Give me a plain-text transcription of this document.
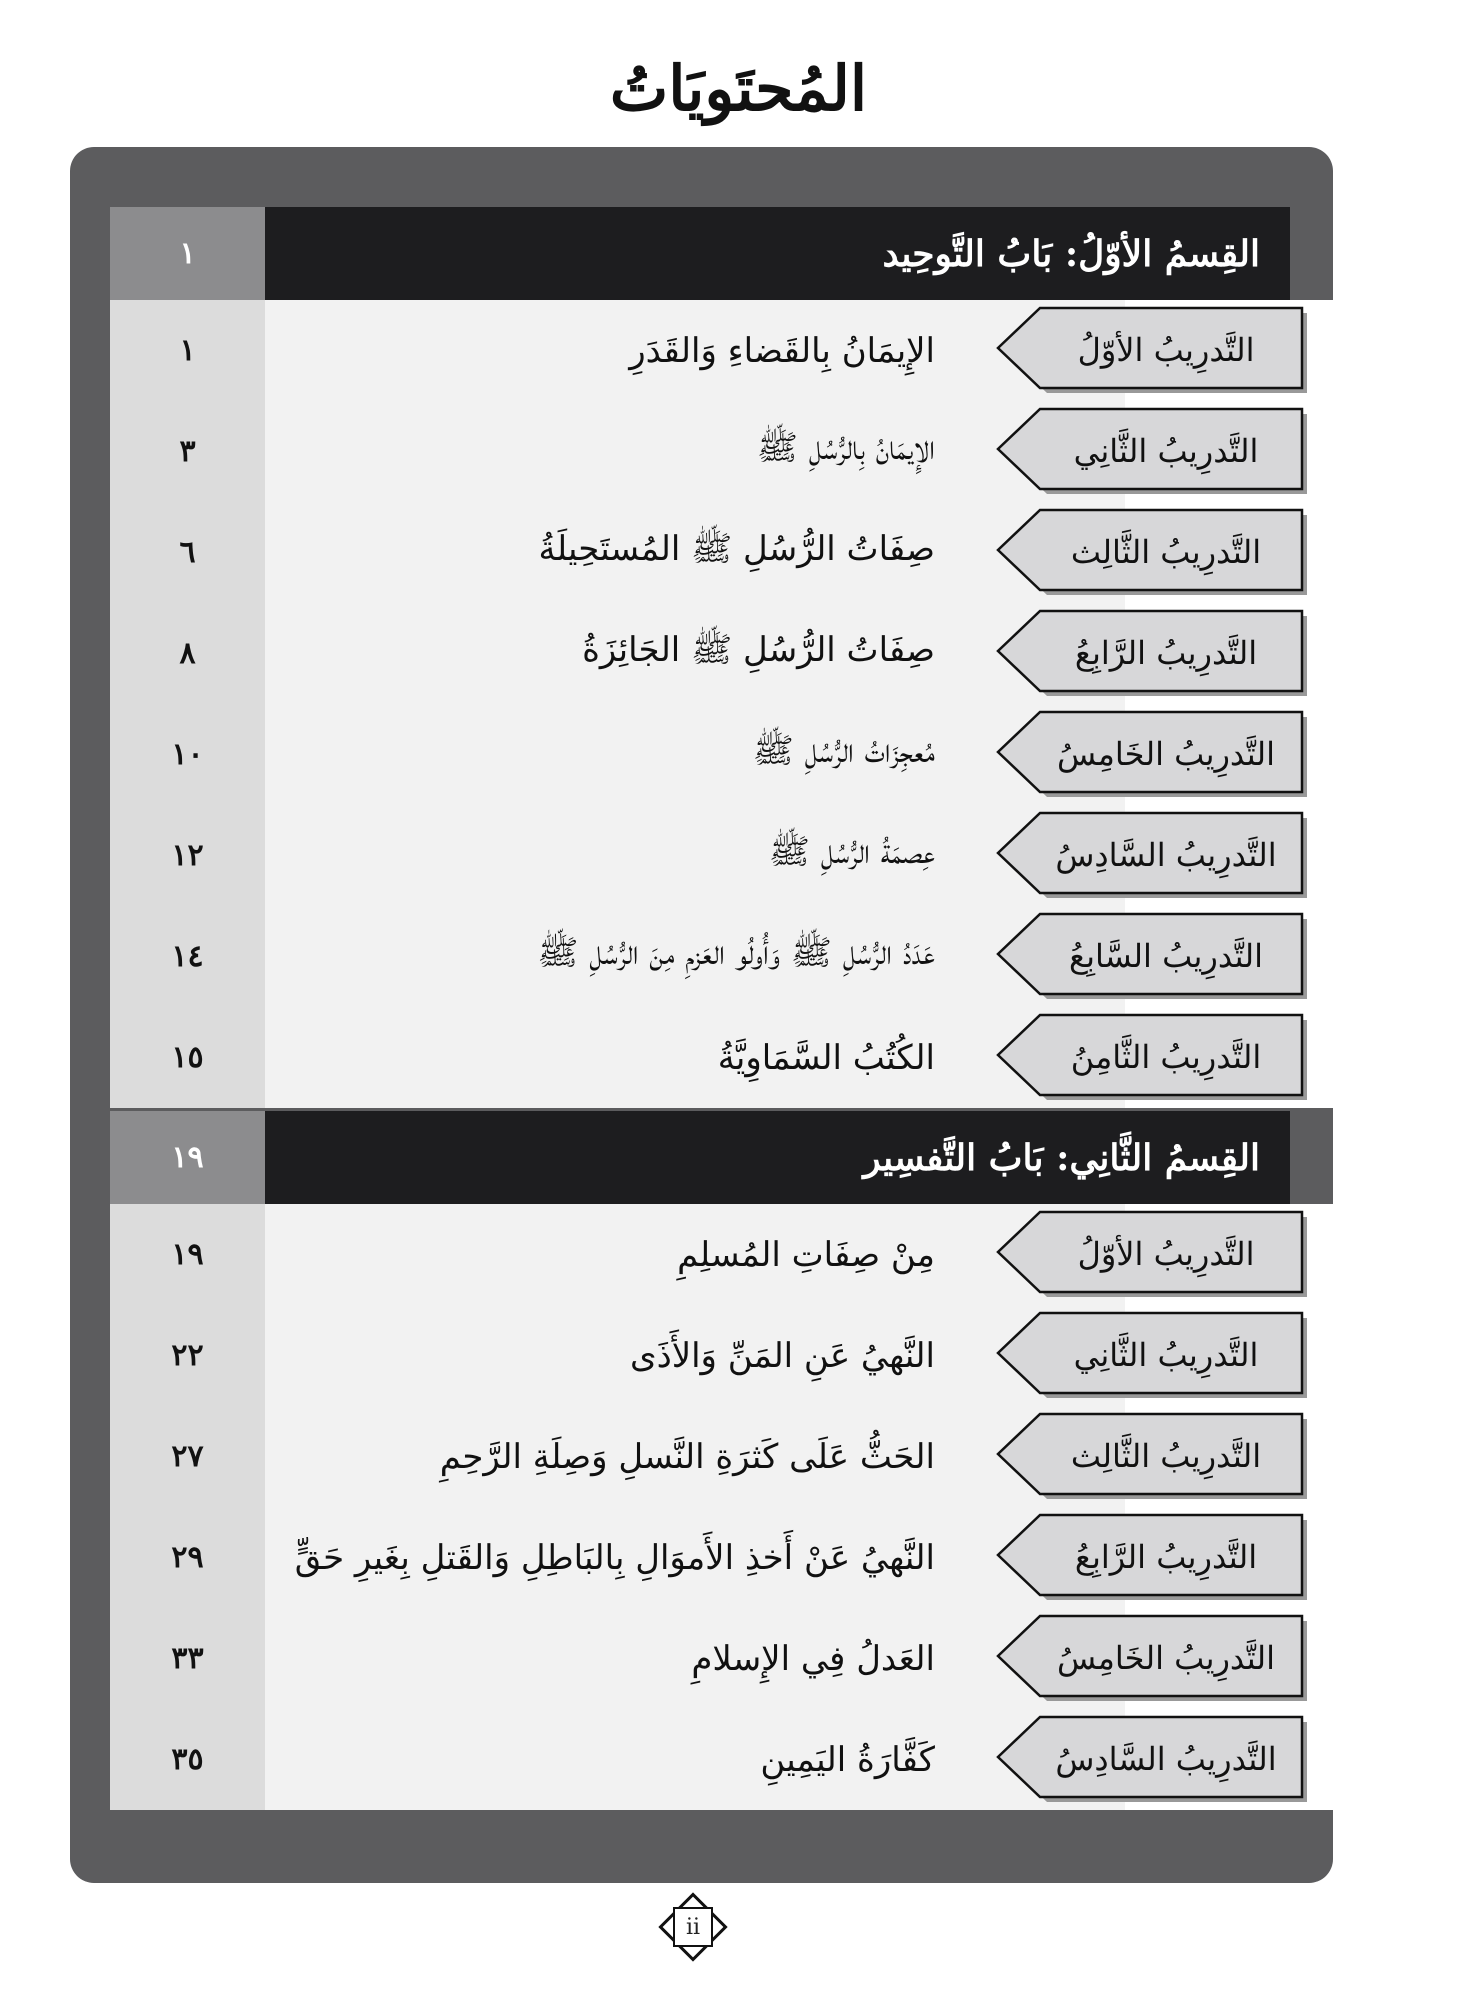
المُحتَويَاتُ
١	القِسمُ الأوّلُ: بَابُ التَّوحِيد
١	الإِيمَانُ بِالقَضاءِ وَالقَدَرِ	التَّدرِيبُ الأوّلُ
٣	الإِيمَانُ بِالرُّسُلِ ﷺ	التَّدرِيبُ الثَّانِي
٦	صِفَاتُ الرُّسُلِ ﷺ المُستَحِيلَةُ	التَّدرِيبُ الثَّالِث
٨	صِفَاتُ الرُّسُلِ ﷺ الجَائِزَةُ	التَّدرِيبُ الرَّابِعُ
١٠	مُعجِزَاتُ الرُّسُلِ ﷺ	التَّدرِيبُ الخَامِسُ
١٢	عِصمَةُ الرُّسُلِ ﷺ	التَّدرِيبُ السَّادِسُ
١٤	عَدَدُ الرُّسُلِ ﷺ وَأُولُو العَزمِ مِنَ الرُّسُلِ ﷺ	التَّدرِيبُ السَّابِعُ
١٥	الكُتُبُ السَّمَاوِيَّةُ	التَّدرِيبُ الثَّامِنُ
١٩	القِسمُ الثَّانِي: بَابُ التَّفسِير
١٩	مِنْ صِفَاتِ المُسلِمِ	التَّدرِيبُ الأوّلُ
٢٢	النَّهيُ عَنِ المَنِّ وَالأَذَى	التَّدرِيبُ الثَّانِي
٢٧	الحَثُّ عَلَى كَثرَةِ النَّسلِ وَصِلَةِ الرَّحِمِ	التَّدرِيبُ الثَّالِث
٢٩	النَّهيُ عَنْ أَخذِ الأَموَالِ بِالبَاطِلِ وَالقَتلِ بِغَيرِ حَقٍّ	التَّدرِيبُ الرَّابِعُ
٣٣	العَدلُ فِي الإِسلامِ	التَّدرِيبُ الخَامِسُ
٣٥	كَفَّارَةُ اليَمِينِ	التَّدرِيبُ السَّادِسُ
ii
